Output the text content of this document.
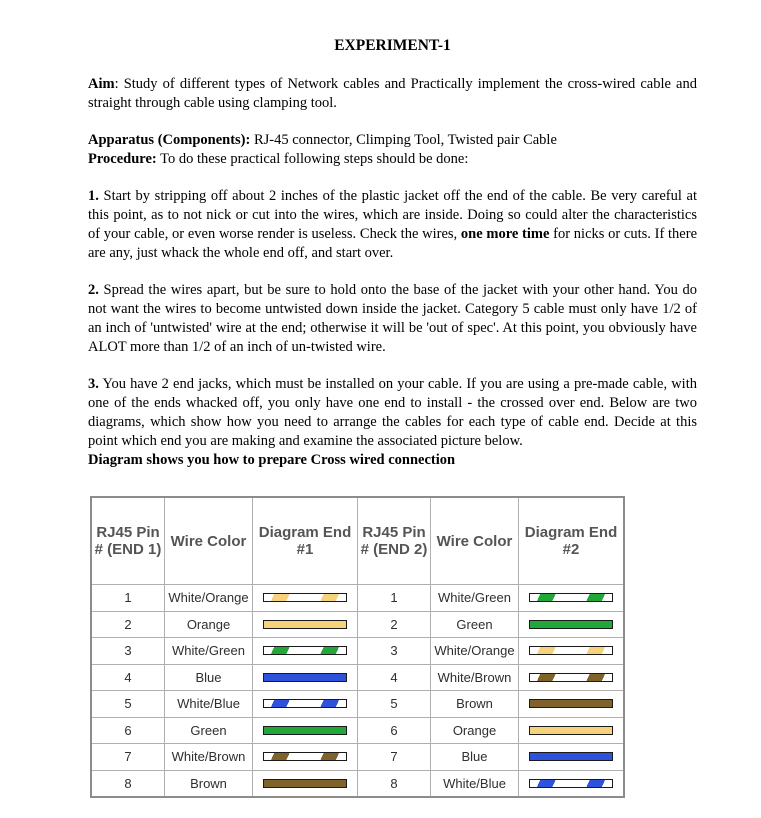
EXPERIMENT-1

Aim: Study of different types of Network cables and Practically implement the cross-wired cable and straight through cable using clamping tool.

Apparatus (Components): RJ-45 connector, Climping Tool, Twisted pair Cable

Procedure: To do these practical following steps should be done:

1. Start by stripping off about 2 inches of the plastic jacket off the end of the cable. Be very careful at this point, as to not nick or cut into the wires, which are inside. Doing so could alter the characteristics of your cable, or even worse render is useless. Check the wires, one more time for nicks or cuts. If there are any, just whack the whole end off, and start over.

2. Spread the wires apart, but be sure to hold onto the base of the jacket with your other hand. You do not want the wires to become untwisted down inside the jacket. Category 5 cable must only have 1/2 of an inch of 'untwisted' wire at the end; otherwise it will be 'out of spec'. At this point, you obviously have ALOT more than 1/2 of an inch of un-twisted wire.

3. You have 2 end jacks, which must be installed on your cable. If you are using a pre-made cable, with one of the ends whacked off, you only have one end to install - the crossed over end. Below are two diagrams, which show how you need to arrange the cables for each type of cable end. Decide at this point which end you are making and examine the associated picture below.

Diagram shows you how to prepare Cross wired connection

RJ45 Pin # (END 1)	Wire Color	Diagram End #1	RJ45 Pin # (END 2)	Wire Color	Diagram End #2
1	White/Orange		1	White/Green	

2	Orange		2	Green	

3	White/Green		3	White/Orange	

4	Blue		4	White/Brown	

5	White/Blue		5	Brown	

6	Green		6	Orange	

7	White/Brown		7	Blue	

8	Brown		8	White/Blue	
